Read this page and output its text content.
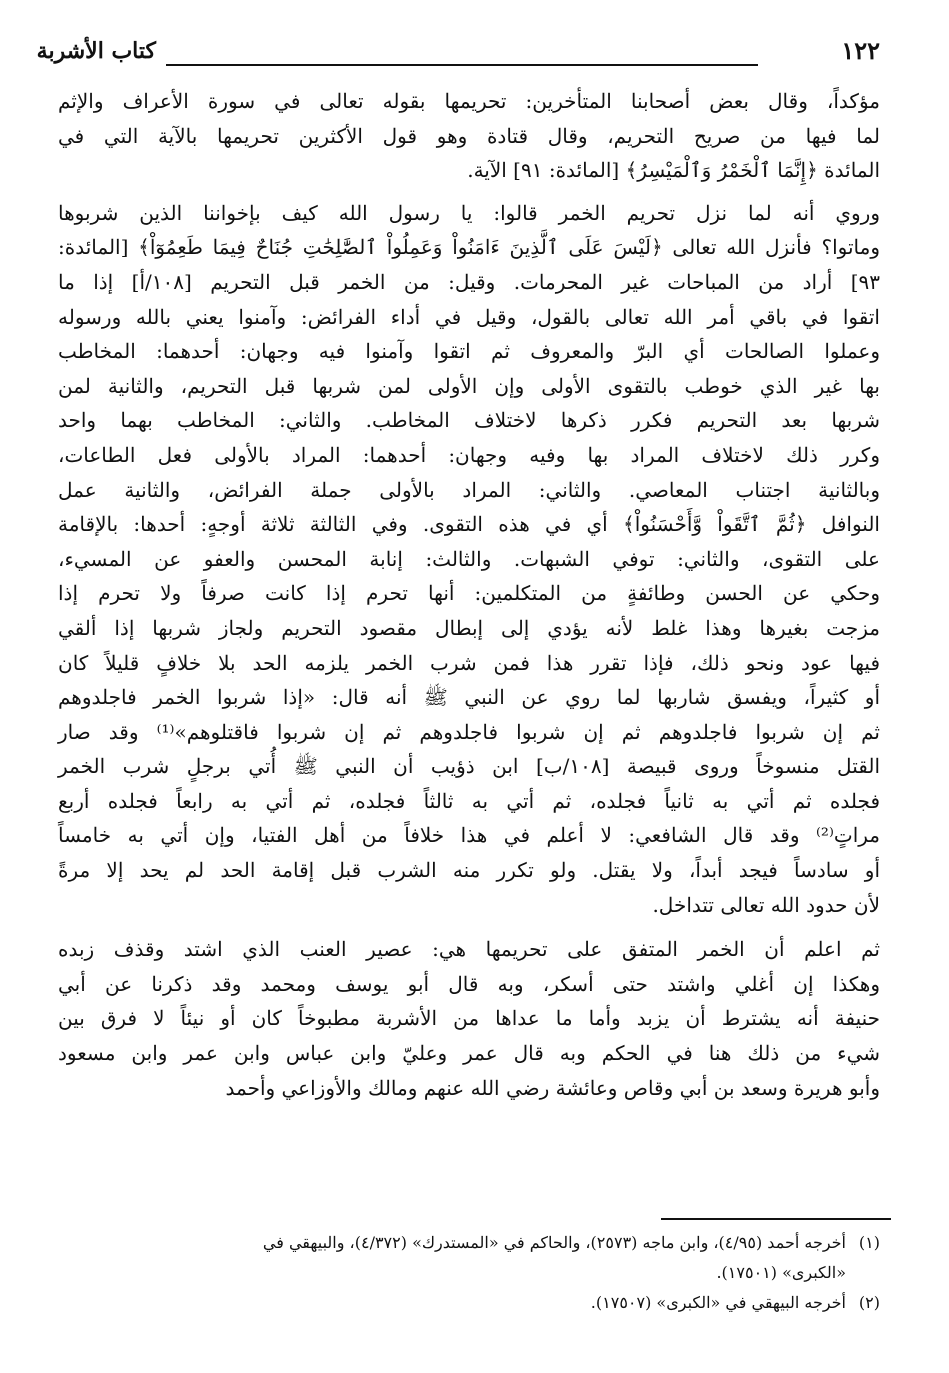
١٢٢
كتاب الأشربة
مؤكداً، وقال بعض أصحابنا المتأخرين: تحريمها بقوله تعالى في سورة الأعراف والإثم
لما فيها من صريح التحريم، وقال قتادة وهو قول الأكثرين تحريمها بالآية التي في
المائدة ﴿إِنَّمَا ٱلْخَمْرُ وَٱلْمَيْسِرُ﴾ [المائدة: ٩١] الآية.
وروي أنه لما نزل تحريم الخمر قالوا: يا رسول الله كيف بإخواننا الذين شربوها
وماتوا؟ فأنزل الله تعالى ﴿لَيْسَ عَلَى ٱلَّذِينَ ءَامَنُواْ وَعَمِلُواْ ٱلصَّٰلِحَٰتِ جُنَاحٌ فِيمَا طَعِمُوٓاْ﴾ [المائدة:
٩٣] أراد من المباحات غير المحرمات. وقيل: من الخمر قبل التحريم [١٠٨/أ] إذا ما
اتقوا في باقي أمر الله تعالى بالقول، وقيل في أداء الفرائض: وآمنوا يعني بالله ورسوله
وعملوا الصالحات أي البرّ والمعروف ثم اتقوا وآمنوا فيه وجهان: أحدهما: المخاطب
بها غير الذي خوطب بالتقوى الأولى وإن الأولى لمن شربها قبل التحريم، والثانية لمن
شربها بعد التحريم فكرر ذكرها لاختلاف المخاطب. والثاني: المخاطب بهما واحد
وكرر ذلك لاختلاف المراد بها وفيه وجهان: أحدهما: المراد بالأولى فعل الطاعات،
وبالثانية اجتناب المعاصي. والثاني: المراد بالأولى جملة الفرائض، والثانية عمل
النوافل ﴿ثُمَّ ٱتَّقَواْ وَّأَحْسَنُواْ﴾ أي في هذه التقوى. وفي الثالثة ثلاثة أوجهٍ: أحدها: بالإقامة
على التقوى، والثاني: توفي الشبهات. والثالث: إنابة المحسن والعفو عن المسيء،
وحكي عن الحسن وطائفةٍ من المتكلمين: أنها تحرم إذا كانت صرفاً ولا تحرم إذا
مزجت بغيرها وهذا غلط لأنه يؤدي إلى إبطال مقصود التحريم ولجاز شربها إذا ألقي
فيها عود ونحو ذلك، فإذا تقرر هذا فمن شرب الخمر يلزمه الحد بلا خلافٍ قليلاً كان
أو كثيراً، ويفسق شاربها لما روي عن النبي ﷺ أنه قال: «إذا شربوا الخمر فاجلدوهم
ثم إن شربوا فاجلدوهم ثم إن شربوا فاجلدوهم ثم إن شربوا فاقتلوهم»⁽¹⁾ وقد صار
القتل منسوخاً وروى قبيصة [١٠٨/ب] ابن ذؤيب أن النبي ﷺ أُتي برجلٍ شرب الخمر
فجلده ثم أتي به ثانياً فجلده، ثم أتي به ثالثاً فجلده، ثم أتي به رابعاً فجلده أربع
مراتٍ⁽²⁾ وقد قال الشافعي: لا أعلم في هذا خلافاً من أهل الفتيا، وإن أتي به خامساً
أو سادساً فيجد أبداً، ولا يقتل. ولو تكرر منه الشرب قبل إقامة الحد لم يحد إلا مرةً
لأن حدود الله تعالى تتداخل.
ثم اعلم أن الخمر المتفق على تحريمها هي: عصير العنب الذي اشتد وقذف زبده
وهكذا إن أغلي واشتد حتى أسكر، وبه قال أبو يوسف ومحمد وقد ذكرنا عن أبي
حنيفة أنه يشترط أن يزبد وأما ما عداها من الأشربة مطبوخاً كان أو نيئاً لا فرق بين
شيء من ذلك هنا في الحكم وبه قال عمر وعليّ وابن عباس وابن عمر وابن مسعود
وأبو هريرة وسعد بن أبي وقاص وعائشة رضي الله عنهم ومالك والأوزاعي وأحمد
(١)أخرجه أحمد (٤/٩٥)، وابن ماجه (٢٥٧٣)، والحاكم في «المستدرك» (٤/٣٧٢)، والبيهقي في
«الكبرى» (١٧٥٠١).
(٢)أخرجه البيهقي في «الكبرى» (١٧٥٠٧).
